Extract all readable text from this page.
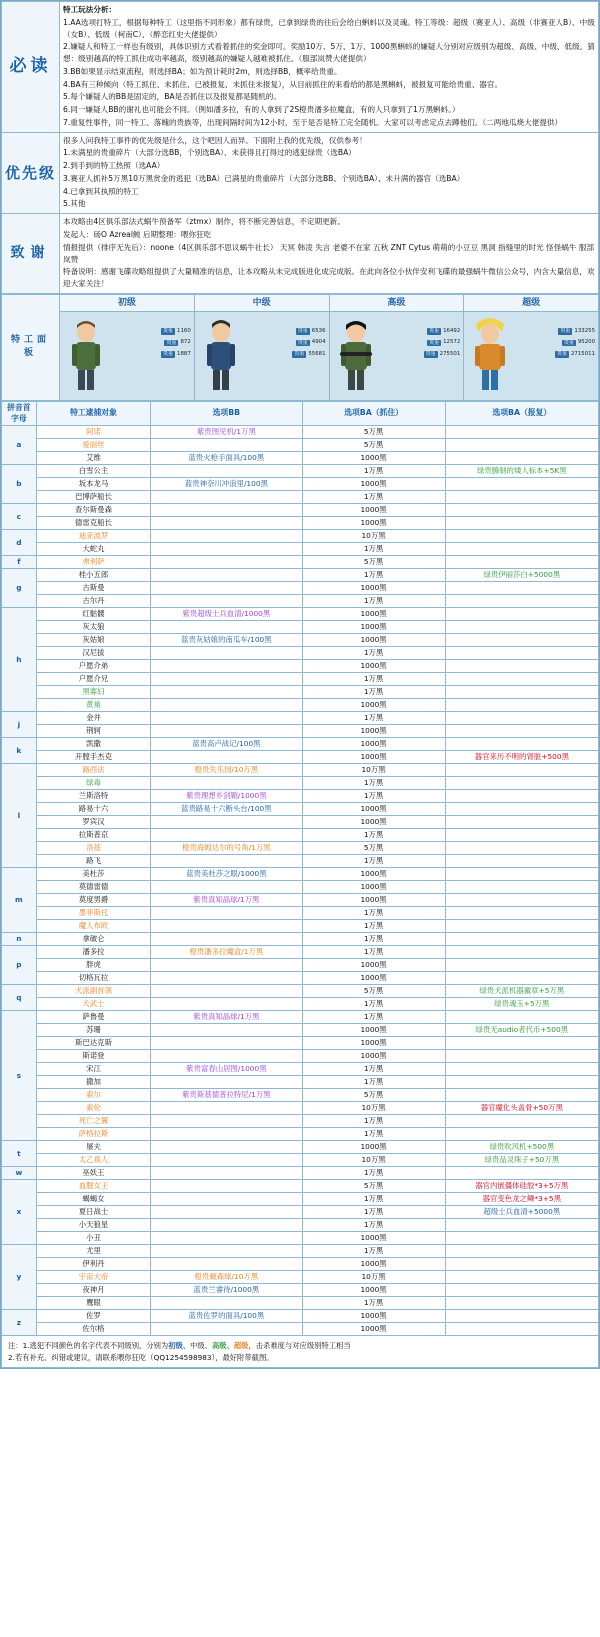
必读	

特工玩法分析：

1.AA选项打特工，根据每种特工（这里指不同形象）都有绿贵，已拿到绿贵的往后会给白蝌蚪以及灵魂。特工等级：超级（赛亚人）、高级（非赛亚人B）、中级（女B）、低级（柯南C）、（醉恋红史大佬提供）

2.嫌疑人和特工一样也有级别，具体识别方式看着抓住的奖金即可。奖励10万、5万、1万、1000黑蝌蚪的嫌疑人分别对应级别为超级、高级、中级、低级。猜想：级别越高的特工抓住成功率越高，级别越高的嫌疑人越难被抓住。（服部岚赞大佬提供）

3.BB如果显示结束流程，则选择BA；如为预计耗时2m，则选择BB，概率给贵重。

4.BA有三种倾向（特工抓住、未抓住、已被报复、未抓住未报复），从目前抓住的来看给的都是黑蝌蚪，被报复可能给贵重、器官。

5.每个嫌疑人的BB是固定的，BA是否抓住以及报复都是随机的。

6.同一嫌疑人BB的谢礼也可能会不同。（例如潘多拉，有的人拿到了2S橙贵潘多拉魔盒，有的人只拿到了1万黑蝌蚪。）

7.重复性事件，同一特工、落魄的贵族等，出现间隔时间为12小时，至于是否是特工完全随机。大家可以考虑定点去蹲他们。（二两地瓜烧大佬提供）

优先级	

很多人问我特工事件的优先级是什么，这个吧因人而异。下面附上我的优先级，仅供参考！

1.未满星的贵重碎片（大部分选BB，个别选BA）、未获得且打得过的逃犯绿贵（选BA）

2.到手到的特工热照（选AA）

3.赛亚人抓补5万黑10万黑赏金的逃犯（选BA）已满星的贵重碎片（大部分选BB、个别选BA）、未升满的器官（选BA）

4.已拿到其执照的特工

5.其他

致谢	本攻略由4区俱乐部法式蜗牛预备军（ztmx）制作，将不断完善信息，不定期更新。

发起人：砀O Azreal魨 后期整理：喂你狂吃

情报提供（排序无先后）：noone（4区俱乐部不思议蜗牛社长） 天冥 韩凌 失言 老婆不在家 五秋 ZNT Cytus 萌萌的小豆豆 黑洞 指缝里的时光 怪怪蜗牛 服部岚赞

特备说明：感谢飞碟攻略组提供了大量精准的信息，让本攻略从未完成版进化成完成版。在此向各位小伙伴安利飞碟的最强蜗牛微信公众号，内含大量信息，欢迎大家关注！

特工面板	初级	中级	高级	超级

贵重 1160
贵重 872
贵重 1887

贵重 6536
贵重 4904
贵重 55681

贵重 16492
贵重 12572
贵重 275501

贵重 133255
贵重 95200
贵重 2715011
拼音首字母	特工逮捕对象	选项BB	选项BA（抓住）	选项BA（报复）
a	阿诺	紫贵图见机/1万黑	5万黑	
	爱丽丝		5万黑	
	艾维	蓝贵火枪手面具/100黑	1000黑	
b	白雪公主		1万黑	绿贵腾制的矮人标本+5K黑
	坂本龙马	蓝贵神奈川冲浪里/100黑	1000黑	
	巴博萨船长		1万黑	
c	查尔斯曼森		1000黑	
	德雷克船长		1000黑	
d	迪亚波罗		10万黑	
	大蛇丸		1万黑	
f	弗利萨		5万黑	
g	桂小五郎		1万黑	绿贵伊丽莎白+5000黑
	古斯曼		1000黑	
	古尔丹		1万黑	
h	红骷髅	紫贵超级士兵血清/1000黑	1000黑	
	灰太狼		1000黑	
	灰姑娘	蓝贵灰姑娘的南瓜车/100黑	1000黑	
	汉尼拔		1万黑	
	户愿介弟		1000黑	
	户愿介兄		1万黑	
	黑寡妇		1万黑	
	黄巢		1000黑	
j	金井		1万黑	
	荆轲		1000黑	
k	凯撒	蓝贵高卢战记/100黑	1000黑	
	开膛手杰克		1000黑	器官来历不明的肾脏+500黑
l	路西法	橙贵失乐园/10万黑	10万黑	
	绿毒		1万黑	
	兰斯洛特	紫贵理想乡剑鞘/1000黑	1万黑	
	路易十六	蓝贵路易十六断头台/100黑	1000黑	
	罗宾汉		1000黑	
	拉斯普京		1万黑	
	洛基	橙贵海姆达尔的号角/1万黑	5万黑	
	路飞		1万黑	
m	美杜莎	蓝贵美杜莎之眼/1000黑	1000黑	
	莫德雷德		1000黑	
	莫度男爵	紫贵真知晶球/1万黑	1000黑	
	墨菲斯托		1万黑	
	魔人布欧		1万黑	
n	拿破仑		1万黑	
p	潘多拉	橙贵潘多拉魔盒/1万黑	1万黑	
	胖虎		1000黑	
	切格瓦拉		1000黑	
q	犬派副首领		5万黑	绿贵犬派机器徽章+5万黑
	犬武士		1万黑	绿贵魂玉+5万黑
s	萨鲁曼	紫贵真知晶球/1万黑	1万黑	
	苏珊		1000黑	绿贵无audio者代币+500黑
	斯巴达克斯		1000黑	
	斯诺登		1000黑	
	宋江	紫贵富春山居图/1000黑	1万黑	
	撒加		1万黑	
	索尔	紫贵斯基德普拉特尼/1万黑	5万黑	
	索伦		10万黑	器官魔化头盖骨+50万黑
	死亡之翼		1万黑	
	萨格拉斯		1万黑	
t	屠夫		1000黑	绿贵吹风机+500黑
	太乙真人		10万黑	绿贵品灵珠子+50万黑
w	巫妖王		1万黑	
x	血腥女王		5万黑	器官内嵌僵体硅胶*3+5万黑
	蝎蝎女		1万黑	器官变色龙之鳞*3+5黑
	夏日战士		1万黑	超级士兵血清+5000黑
	小天狼星		1万黑	
	小丑		1000黑	
y	尤里		1万黑	
	伊利丹		1000黑	
	宇宙大帝	橙贵戴森球/10万黑	10万黑	
	夜神月	蓝贵兰睿待/1000黑	1000黑	
	鹰眼		1万黑	
z	佐罗	蓝贵佐罗的面具/100黑	1000黑	
	佐尔格		1000黑	
注：1.逃犯不同颜色的名字代表不同级别，分别为初级、中级、高级、超级，击杀难度与对应级别特工相当
2.若有补充、纠错或建议，请联系喂你狂吃（QQ1254598983），最好附带截图。
